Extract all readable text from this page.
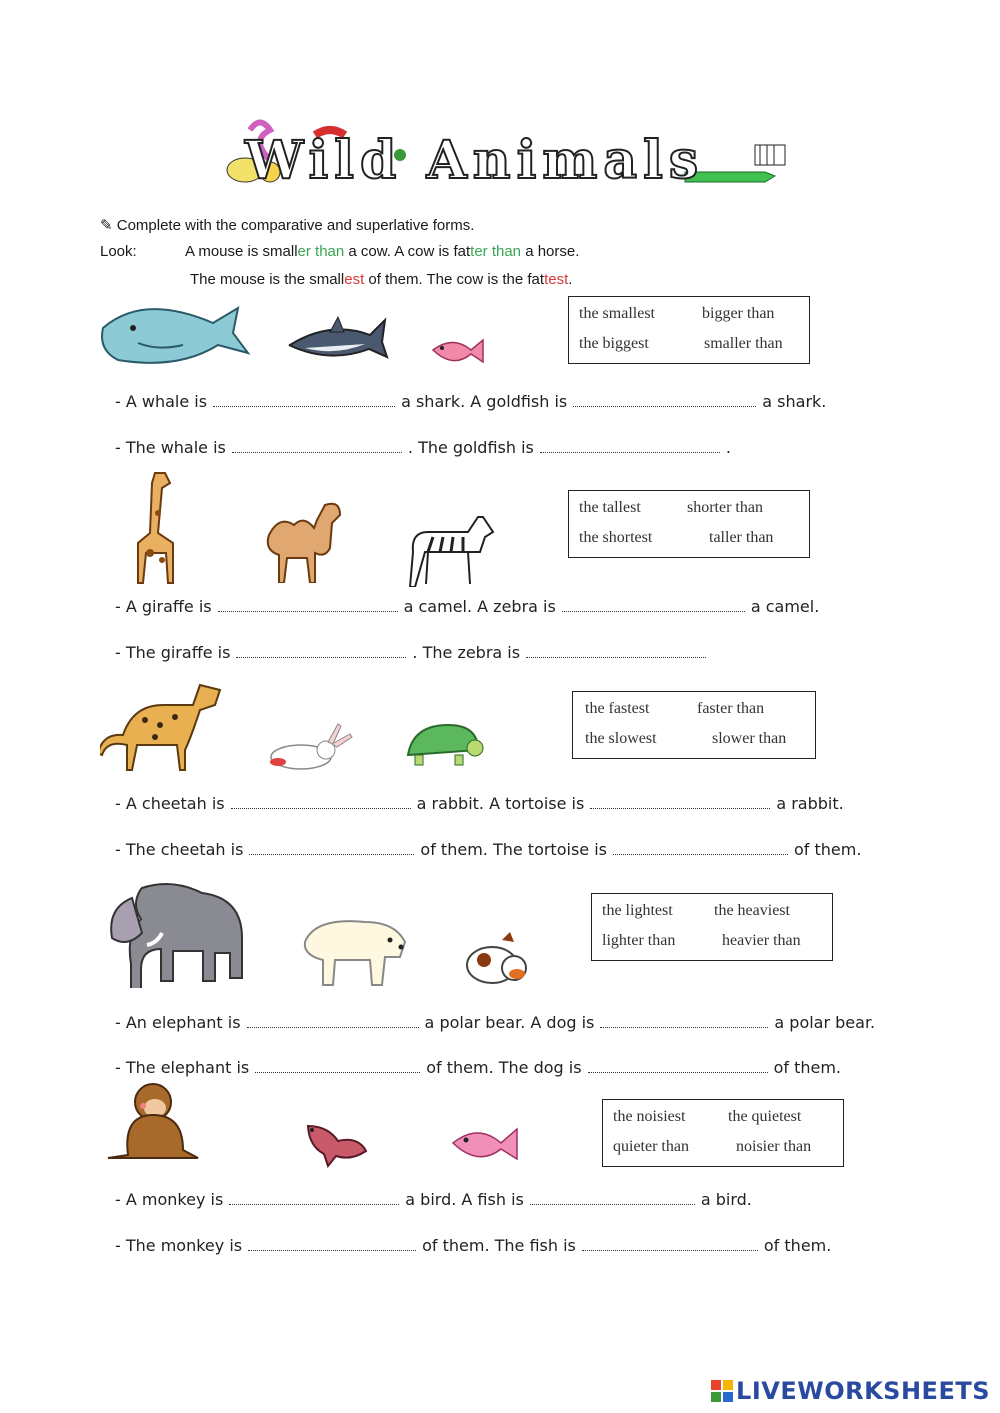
Wild Animals
✎ Complete with the comparative and superlative forms.
Look:	A mouse is smaller than a cow. A cow is fatter than a horse.
The mouse is the smallest of them. The cow is the fattest.
the smallest	bigger than
the biggest	smaller than
- A whale is	a shark. A goldfish is	a shark.
- The whale is	. The goldfish is	.
the tallest	shorter than
the shortest	taller than
- A giraffe is	a camel. A zebra is	a camel.
- The giraffe is	. The zebra is
the fastest	faster than
the slowest	slower than
- A cheetah is	a rabbit. A tortoise is	a rabbit.
- The cheetah is	of them. The tortoise is	of them.
the lightest	the heaviest
lighter than	heavier than
- An elephant is	a polar bear. A dog is	a polar bear.
- The elephant is	of them. The dog is	of them.
the noisiest	the quietest
quieter than	noisier than
- A monkey is	a bird. A fish is	a bird.
- The monkey is	of them. The fish is	of them.
LIVEWORKSHEETS
